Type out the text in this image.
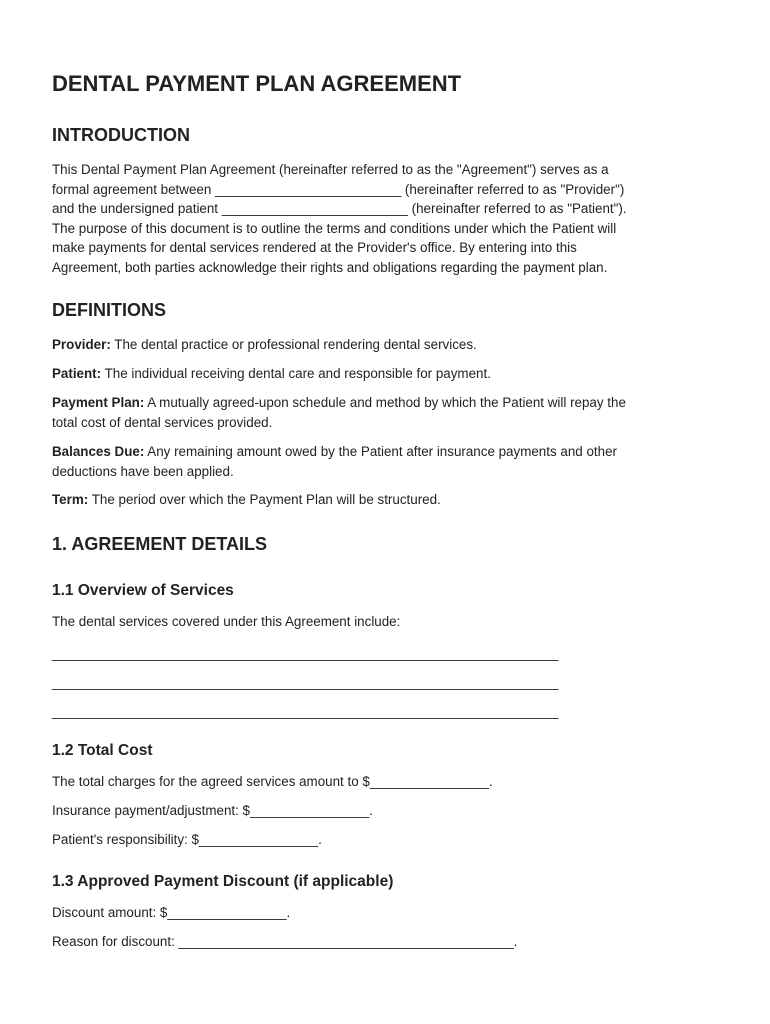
DENTAL PAYMENT PLAN AGREEMENT
INTRODUCTION
This Dental Payment Plan Agreement (hereinafter referred to as the "Agreement") serves as a
formal agreement between _________________________ (hereinafter referred to as "Provider")
and the undersigned patient _________________________ (hereinafter referred to as "Patient").
The purpose of this document is to outline the terms and conditions under which the Patient will
make payments for dental services rendered at the Provider's office. By entering into this
Agreement, both parties acknowledge their rights and obligations regarding the payment plan.
DEFINITIONS
Provider: The dental practice or professional rendering dental services.
Patient: The individual receiving dental care and responsible for payment.
Payment Plan: A mutually agreed-upon schedule and method by which the Patient will repay the
total cost of dental services provided.
Balances Due: Any remaining amount owed by the Patient after insurance payments and other
deductions have been applied.
Term: The period over which the Payment Plan will be structured.
1. AGREEMENT DETAILS
1.1 Overview of Services
The dental services covered under this Agreement include:
____________________________________________________________________
____________________________________________________________________
____________________________________________________________________
1.2 Total Cost
The total charges for the agreed services amount to $________________.
Insurance payment/adjustment: $________________.
Patient's responsibility: $________________.
1.3 Approved Payment Discount (if applicable)
Discount amount: $________________.
Reason for discount: _____________________________________________.
